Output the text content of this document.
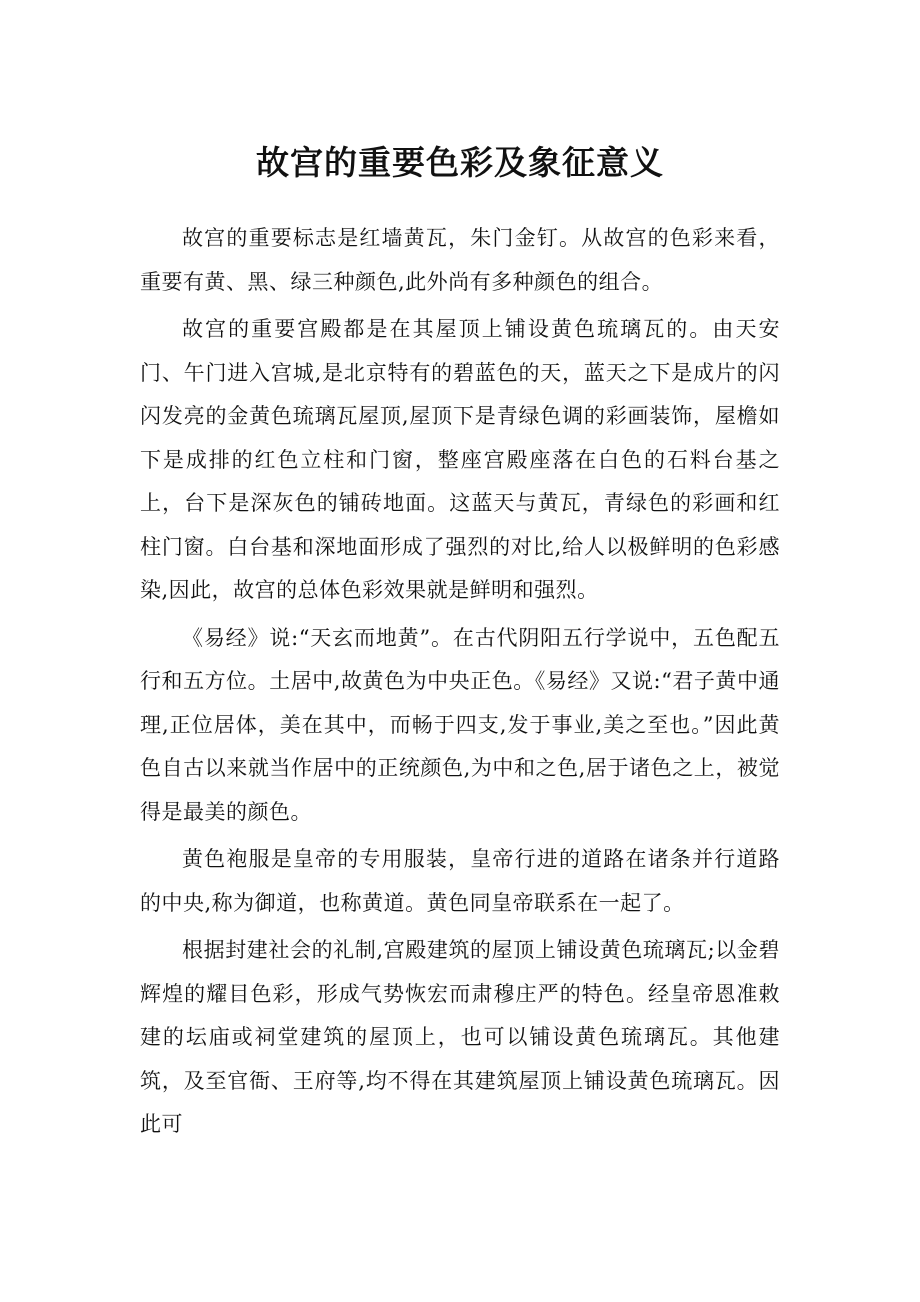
故宫的重要色彩及象征意义

故宫的重要标志是红墙黄瓦，朱门金钉。从故宫的色彩来看，重要有黄、黑、绿三种颜色,此外尚有多种颜色的组合。

故宫的重要宫殿都是在其屋顶上铺设黄色琉璃瓦的。由天安门、午门进入宫城,是北京特有的碧蓝色的天，蓝天之下是成片的闪闪发亮的金黄色琉璃瓦屋顶,屋顶下是青绿色调的彩画装饰，屋檐如下是成排的红色立柱和门窗，整座宫殿座落在白色的石料台基之上，台下是深灰色的铺砖地面。这蓝天与黄瓦，青绿色的彩画和红柱门窗。白台基和深地面形成了强烈的对比,给人以极鲜明的色彩感染,因此，故宫的总体色彩效果就是鲜明和强烈。

《易经》说:“天玄而地黄”。在古代阴阳五行学说中，五色配五行和五方位。土居中,故黄色为中央正色。《易经》又说:“君子黄中通理,正位居体，美在其中，而畅于四支,发于事业,美之至也。”因此黄色自古以来就当作居中的正统颜色,为中和之色,居于诸色之上，被觉得是最美的颜色。

黄色袍服是皇帝的专用服装，皇帝行进的道路在诸条并行道路的中央,称为御道，也称黄道。黄色同皇帝联系在一起了。

根据封建社会的礼制,宫殿建筑的屋顶上铺设黄色琉璃瓦;以金碧辉煌的耀目色彩，形成气势恢宏而肃穆庄严的特色。经皇帝恩准敕建的坛庙或祠堂建筑的屋顶上，也可以铺设黄色琉璃瓦。其他建筑，及至官衙、王府等,均不得在其建筑屋顶上铺设黄色琉璃瓦。因此可
